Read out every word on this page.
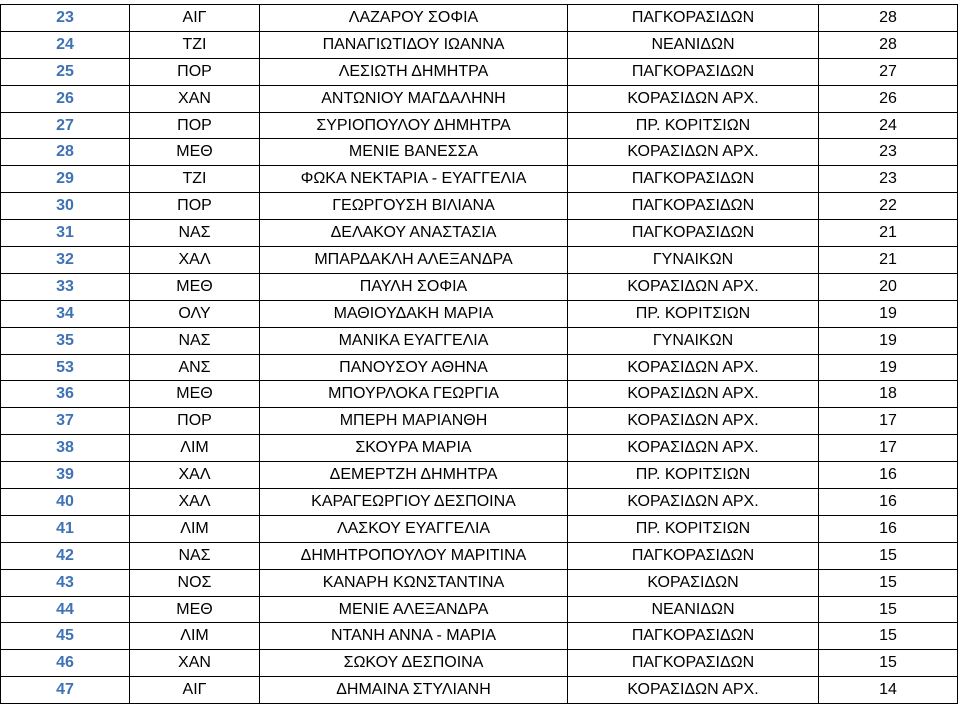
23	ΑΙΓ	ΛΑΖΑΡΟΥ ΣΟΦΙΑ	ΠΑΓΚΟΡΑΣΙΔΩΝ	28
24	ΤΖΙ	ΠΑΝΑΓΙΩΤΙΔΟΥ ΙΩΑΝΝΑ	ΝΕΑΝΙΔΩΝ	28
25	ΠΟΡ	ΛΕΣΙΩΤΗ ΔΗΜΗΤΡΑ	ΠΑΓΚΟΡΑΣΙΔΩΝ	27
26	ΧΑΝ	ΑΝΤΩΝΙΟΥ ΜΑΓΔΑΛΗΝΗ	ΚΟΡΑΣΙΔΩΝ ΑΡΧ.	26
27	ΠΟΡ	ΣΥΡΙΟΠΟΥΛΟΥ ΔΗΜΗΤΡΑ	ΠΡ. ΚΟΡΙΤΣΙΩΝ	24
28	ΜΕΘ	ΜΕΝΙΕ ΒΑΝΕΣΣΑ	ΚΟΡΑΣΙΔΩΝ ΑΡΧ.	23
29	ΤΖΙ	ΦΩΚΑ ΝΕΚΤΑΡΙΑ - ΕΥΑΓΓΕΛΙΑ	ΠΑΓΚΟΡΑΣΙΔΩΝ	23
30	ΠΟΡ	ΓΕΩΡΓΟΥΣΗ ΒΙΛΙΑΝΑ	ΠΑΓΚΟΡΑΣΙΔΩΝ	22
31	ΝΑΣ	ΔΕΛΑΚΟΥ ΑΝΑΣΤΑΣΙΑ	ΠΑΓΚΟΡΑΣΙΔΩΝ	21
32	ΧΑΛ	ΜΠΑΡΔΑΚΛΗ ΑΛΕΞΑΝΔΡΑ	ΓΥΝΑΙΚΩΝ	21
33	ΜΕΘ	ΠΑΥΛΗ ΣΟΦΙΑ	ΚΟΡΑΣΙΔΩΝ ΑΡΧ.	20
34	ΟΛΥ	ΜΑΘΙΟΥΔΑΚΗ ΜΑΡΙΑ	ΠΡ. ΚΟΡΙΤΣΙΩΝ	19
35	ΝΑΣ	ΜΑΝΙΚΑ ΕΥΑΓΓΕΛΙΑ	ΓΥΝΑΙΚΩΝ	19
53	ΑΝΣ	ΠΑΝΟΥΣΟΥ ΑΘΗΝΑ	ΚΟΡΑΣΙΔΩΝ ΑΡΧ.	19
36	ΜΕΘ	ΜΠΟΥΡΛΟΚΑ ΓΕΩΡΓΙΑ	ΚΟΡΑΣΙΔΩΝ ΑΡΧ.	18
37	ΠΟΡ	ΜΠΕΡΗ ΜΑΡΙΑΝΘΗ	ΚΟΡΑΣΙΔΩΝ ΑΡΧ.	17
38	ΛΙΜ	ΣΚΟΥΡΑ ΜΑΡΙΑ	ΚΟΡΑΣΙΔΩΝ ΑΡΧ.	17
39	ΧΑΛ	ΔΕΜΕΡΤΖΗ ΔΗΜΗΤΡΑ	ΠΡ. ΚΟΡΙΤΣΙΩΝ	16
40	ΧΑΛ	ΚΑΡΑΓΕΩΡΓΙΟΥ ΔΕΣΠΟΙΝΑ	ΚΟΡΑΣΙΔΩΝ ΑΡΧ.	16
41	ΛΙΜ	ΛΑΣΚΟΥ ΕΥΑΓΓΕΛΙΑ	ΠΡ. ΚΟΡΙΤΣΙΩΝ	16
42	ΝΑΣ	ΔΗΜΗΤΡΟΠΟΥΛΟΥ ΜΑΡΙΤΙΝΑ	ΠΑΓΚΟΡΑΣΙΔΩΝ	15
43	ΝΟΣ	ΚΑΝΑΡΗ ΚΩΝΣΤΑΝΤΙΝΑ	ΚΟΡΑΣΙΔΩΝ	15
44	ΜΕΘ	ΜΕΝΙΕ ΑΛΕΞΑΝΔΡΑ	ΝΕΑΝΙΔΩΝ	15
45	ΛΙΜ	ΝΤΑΝΗ ΑΝΝΑ - ΜΑΡΙΑ	ΠΑΓΚΟΡΑΣΙΔΩΝ	15
46	ΧΑΝ	ΣΩΚΟΥ ΔΕΣΠΟΙΝΑ	ΠΑΓΚΟΡΑΣΙΔΩΝ	15
47	ΑΙΓ	ΔΗΜΑΙΝΑ ΣΤΥΛΙΑΝΗ	ΚΟΡΑΣΙΔΩΝ ΑΡΧ.	14
